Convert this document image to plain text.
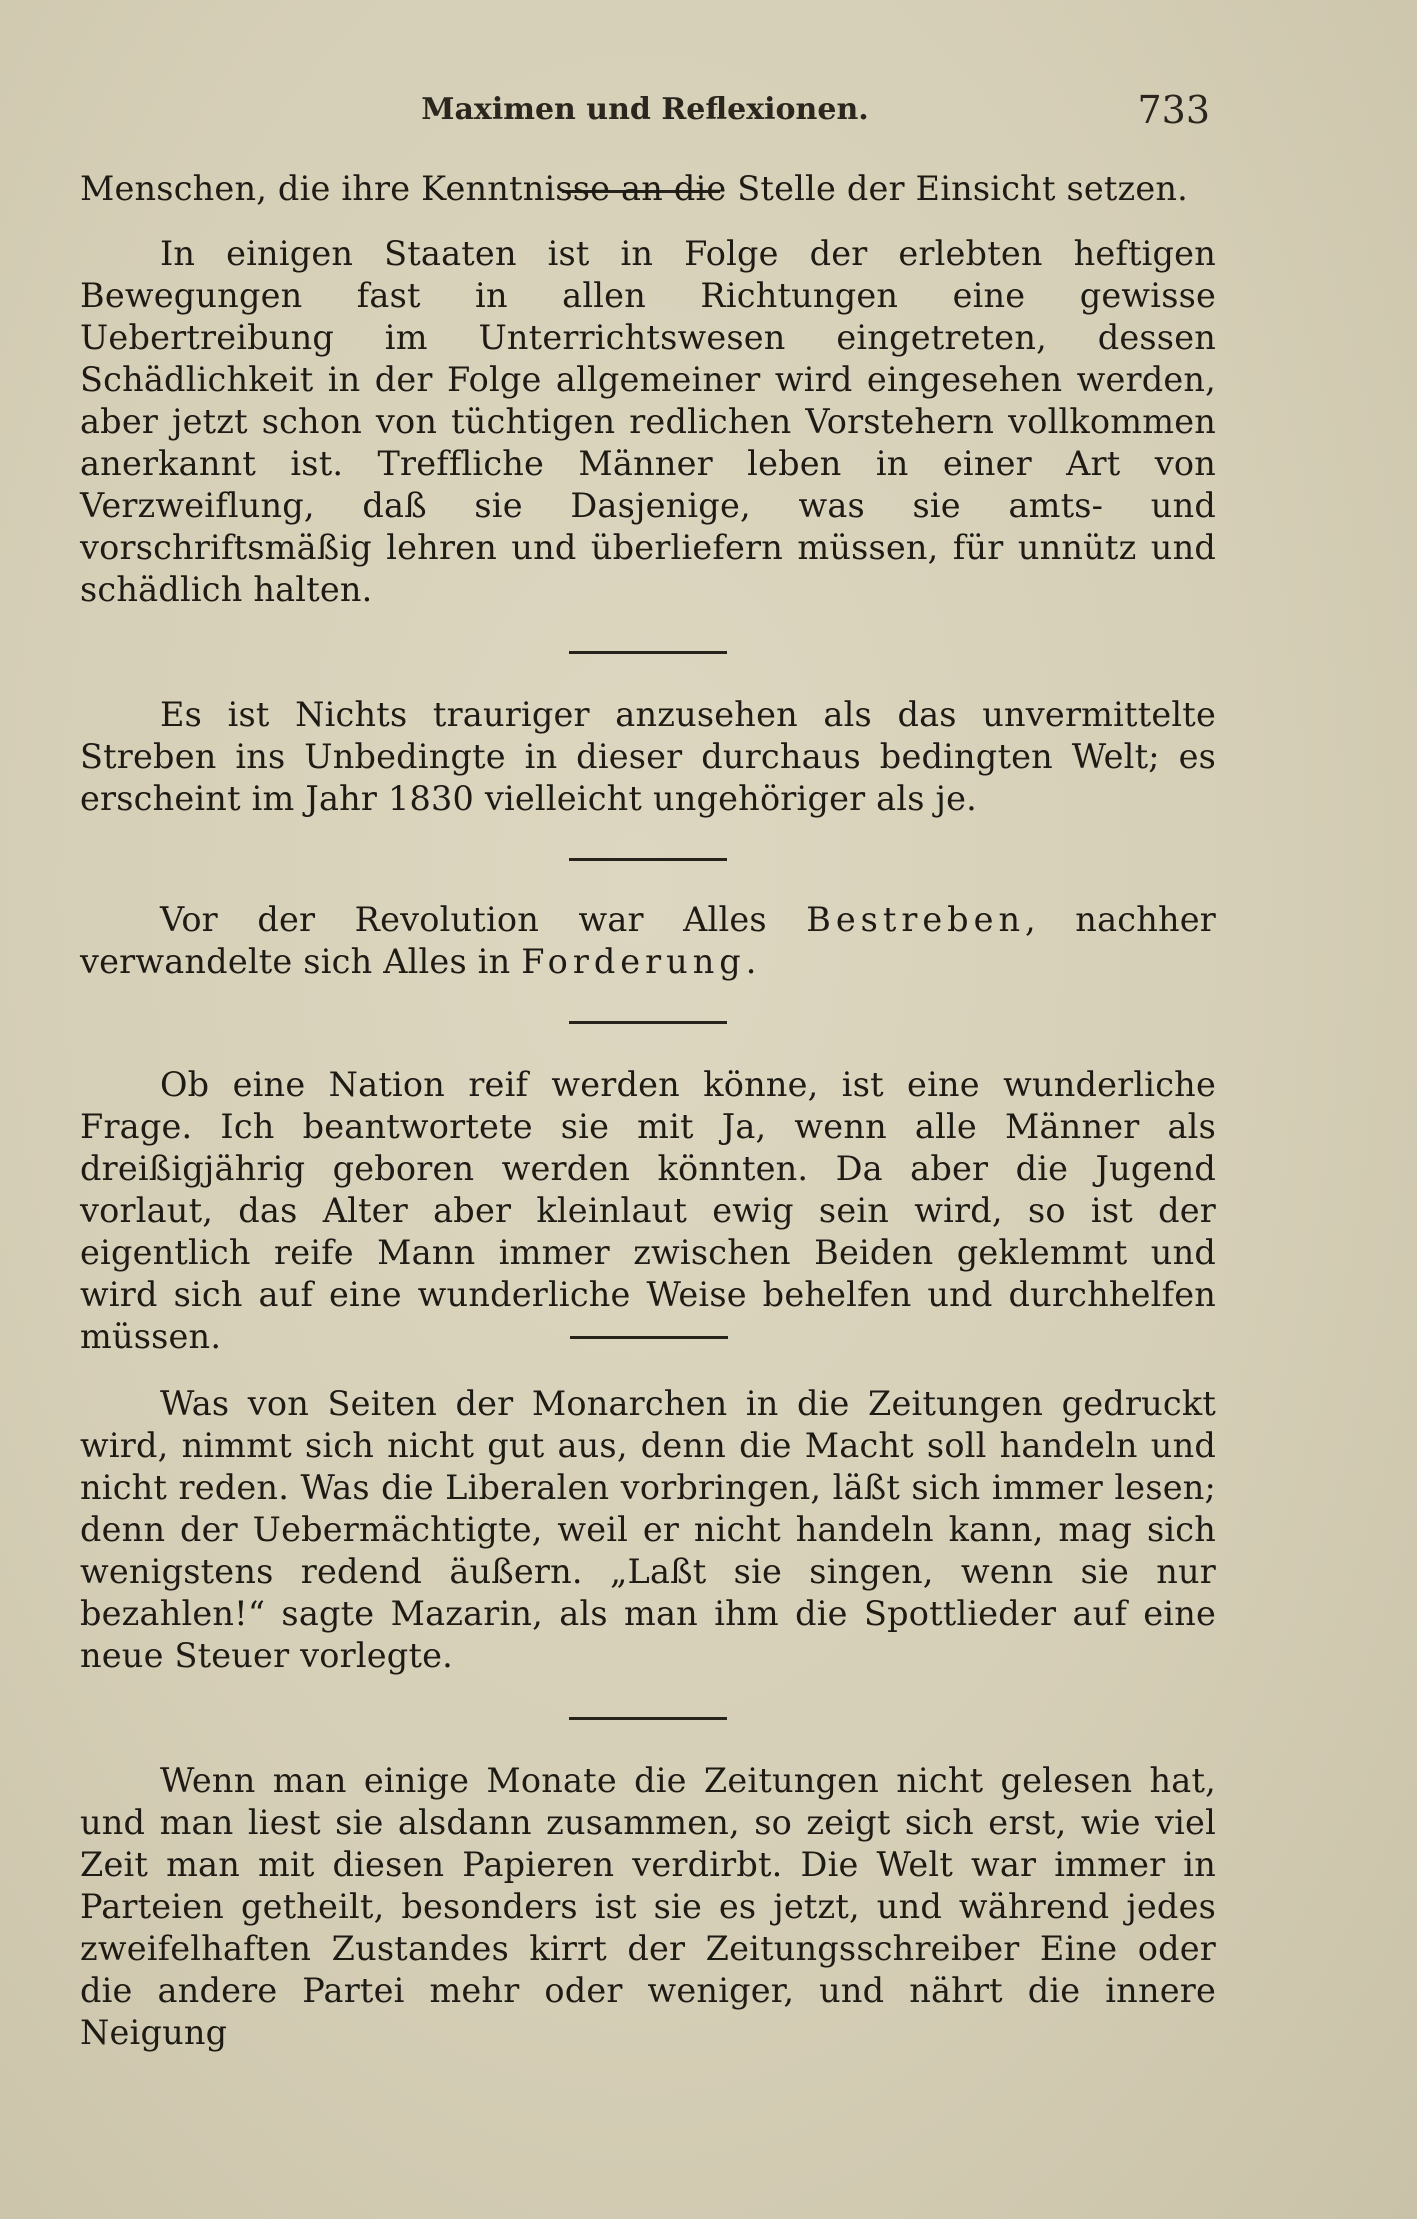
Maximen und Reflexionen.	733

Menschen, die ihre Kenntnisse an die Stelle der Einsicht setzen.

In einigen Staaten ist in Folge der erlebten heftigen Bewegungen fast in allen Richtungen eine gewisse Uebertreibung im Unterrichtswesen eingetreten, dessen Schädlichkeit in der Folge allgemeiner wird eingesehen werden, aber jetzt schon von tüchtigen redlichen Vorstehern vollkommen anerkannt ist. Treffliche Männer leben in einer Art von Verzweiflung, daß sie Dasjenige, was sie amts- und vorschriftsmäßig lehren und überliefern müssen, für unnütz und schädlich halten.

Es ist Nichts trauriger anzusehen als das unvermittelte Streben ins Unbedingte in dieser durchaus bedingten Welt; es erscheint im Jahr 1830 vielleicht ungehöriger als je.

Vor der Revolution war Alles Bestreben, nachher verwandelte sich Alles in Forderung.

Ob eine Nation reif werden könne, ist eine wunderliche Frage. Ich beantwortete sie mit Ja, wenn alle Männer als dreißigjährig geboren werden könnten. Da aber die Jugend vorlaut, das Alter aber kleinlaut ewig sein wird, so ist der eigentlich reife Mann immer zwischen Beiden geklemmt und wird sich auf eine wunderliche Weise behelfen und durchhelfen müssen.

Was von Seiten der Monarchen in die Zeitungen gedruckt wird, nimmt sich nicht gut aus, denn die Macht soll handeln und nicht reden. Was die Liberalen vorbringen, läßt sich immer lesen; denn der Uebermächtigte, weil er nicht handeln kann, mag sich wenigstens redend äußern. „Laßt sie singen, wenn sie nur bezahlen!“ sagte Mazarin, als man ihm die Spottlieder auf eine neue Steuer vorlegte.

Wenn man einige Monate die Zeitungen nicht gelesen hat, und man liest sie alsdann zusammen, so zeigt sich erst, wie viel Zeit man mit diesen Papieren verdirbt. Die Welt war immer in Parteien getheilt, besonders ist sie es jetzt, und während jedes zweifelhaften Zustandes kirrt der Zeitungsschreiber Eine oder die andere Partei mehr oder weniger, und nährt die innere Neigung
